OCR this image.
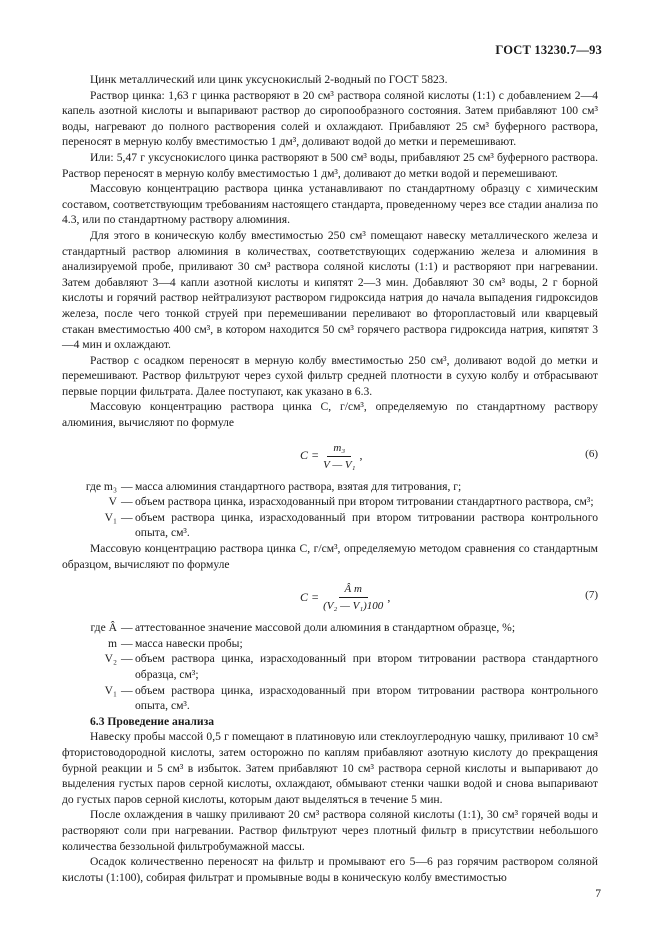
ГОСТ 13230.7—93

Цинк металлический или цинк уксуснокислый 2-водный по ГОСТ 5823.

Раствор цинка: 1,63 г цинка растворяют в 20 см³ раствора соляной кислоты (1:1) с добавлением 2—4 капель азотной кислоты и выпаривают раствор до сиропообразного состояния. Затем прибавляют 100 см³ воды, нагревают до полного растворения солей и охлаждают. Прибавляют 25 см³ буферного раствора, переносят в мерную колбу вместимостью 1 дм³, доливают водой до метки и перемешивают.

Или: 5,47 г уксуснокислого цинка растворяют в 500 см³ воды, прибавляют 25 см³ буферного раствора. Раствор переносят в мерную колбу вместимостью 1 дм³, доливают до метки водой и перемешивают.

Массовую концентрацию раствора цинка устанавливают по стандартному образцу с химическим составом, соответствующим требованиям настоящего стандарта, проведенному через все стадии анализа по 4.3, или по стандартному раствору алюминия.

Для этого в коническую колбу вместимостью 250 см³ помещают навеску металлического железа и стандартный раствор алюминия в количествах, соответствующих содержанию железа и алюминия в анализируемой пробе, приливают 30 см³ раствора соляной кислоты (1:1) и растворяют при нагревании. Затем добавляют 3—4 капли азотной кислоты и кипятят 2—3 мин. Добавляют 30 см³ воды, 2 г борной кислоты и горячий раствор нейтрализуют раствором гидроксида натрия до начала выпадения гидроксидов железа, после чего тонкой струей при перемешивании переливают во фторопластовый или кварцевый стакан вместимостью 400 см³, в котором находится 50 см³ горячего раствора гидроксида натрия, кипятят 3—4 мин и охлаждают.

Раствор с осадком переносят в мерную колбу вместимостью 250 см³, доливают водой до метки и перемешивают. Раствор фильтруют через сухой фильтр средней плотности в сухую колбу и отбрасывают первые порции фильтрата. Далее поступают, как указано в 6.3.

Массовую концентрацию раствора цинка C, г/см³, определяемую по стандартному раствору алюминия, вычисляют по формуле

$C = \frac{\text{m₃}}{\text{V — V₁}}$ ,	(6)
где m₃ — масса алюминия стандартного раствора, взятая для титрования, г;
V — объем раствора цинка, израсходованный при втором титровании стандартного раствора, см³;
V₁ — объем раствора цинка, израсходованный при втором титровании раствора контрольного опыта, см³.

Массовую концентрацию раствора цинка C, г/см³, определяемую методом сравнения со стандартным образцом, вычисляют по формуле

$C = \frac{\text{Â m}}{\text{(V₂ — V₁)100}}$ ,	(7)
где Â — аттестованное значение массовой доли алюминия в стандартном образце, %;
m — масса навески пробы;
V₂ — объем раствора цинка, израсходованный при втором титровании раствора стандартного образца, см³;
V₁ — объем раствора цинка, израсходованный при втором титровании раствора контрольного опыта, см³.

6.3 Проведение анализа

Навеску пробы массой 0,5 г помещают в платиновую или стеклоуглеродную чашку, приливают 10 см³ фтористоводородной кислоты, затем осторожно по каплям прибавляют азотную кислоту до прекращения бурной реакции и 5 см³ в избыток. Затем прибавляют 10 см³ раствора серной кислоты и выпаривают до выделения густых паров серной кислоты, охлаждают, обмывают стенки чашки водой и снова выпаривают до густых паров серной кислоты, которым дают выделяться в течение 5 мин.

После охлаждения в чашку приливают 20 см³ раствора соляной кислоты (1:1), 30 см³ горячей воды и растворяют соли при нагревании. Раствор фильтруют через плотный фильтр в присутствии небольшого количества беззольной фильтробумажной массы.

Осадок количественно переносят на фильтр и промывают его 5—6 раз горячим раствором соляной кислоты (1:100), собирая фильтрат и промывные воды в коническую колбу вместимостью

7
